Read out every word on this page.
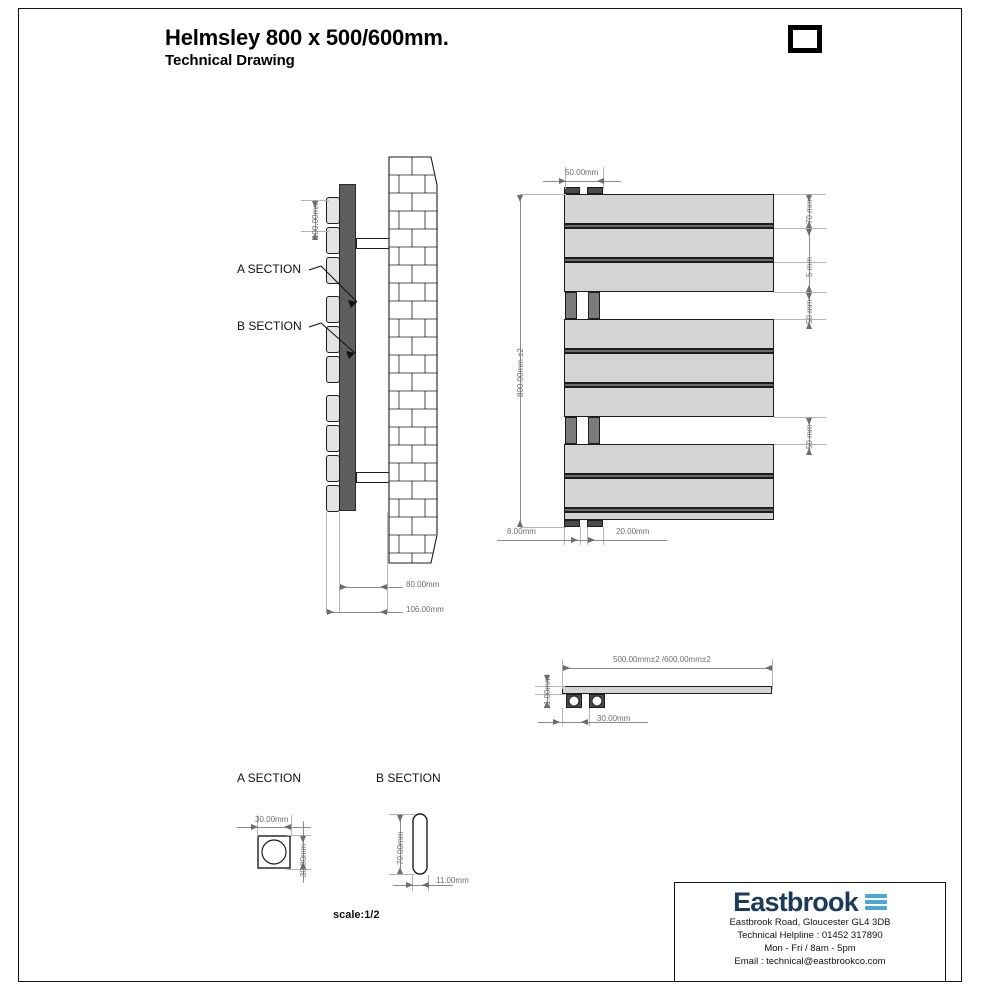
Helmsley 800 x 500/600mm.
Technical Drawing
100.00mm
A SECTION
B SECTION
80.00mm
106.00mm
50.00mm
800.00mm ±2
70 mm
5 mm
50 mm
50 mm
8.00mm	20.00mm
500.00mm±2 /600.00mm±2
11.00mm
30.00mm
A SECTION	B SECTION
30.00mm
30.00mm	70.00mm
11.00mm
scale:1/2	Eastbrook
Eastbrook Road, Gloucester GL4 3DB
Technical Helpline : 01452 317890
Mon - Fri / 8am - 5pm
Email : technical@eastbrookco.com
